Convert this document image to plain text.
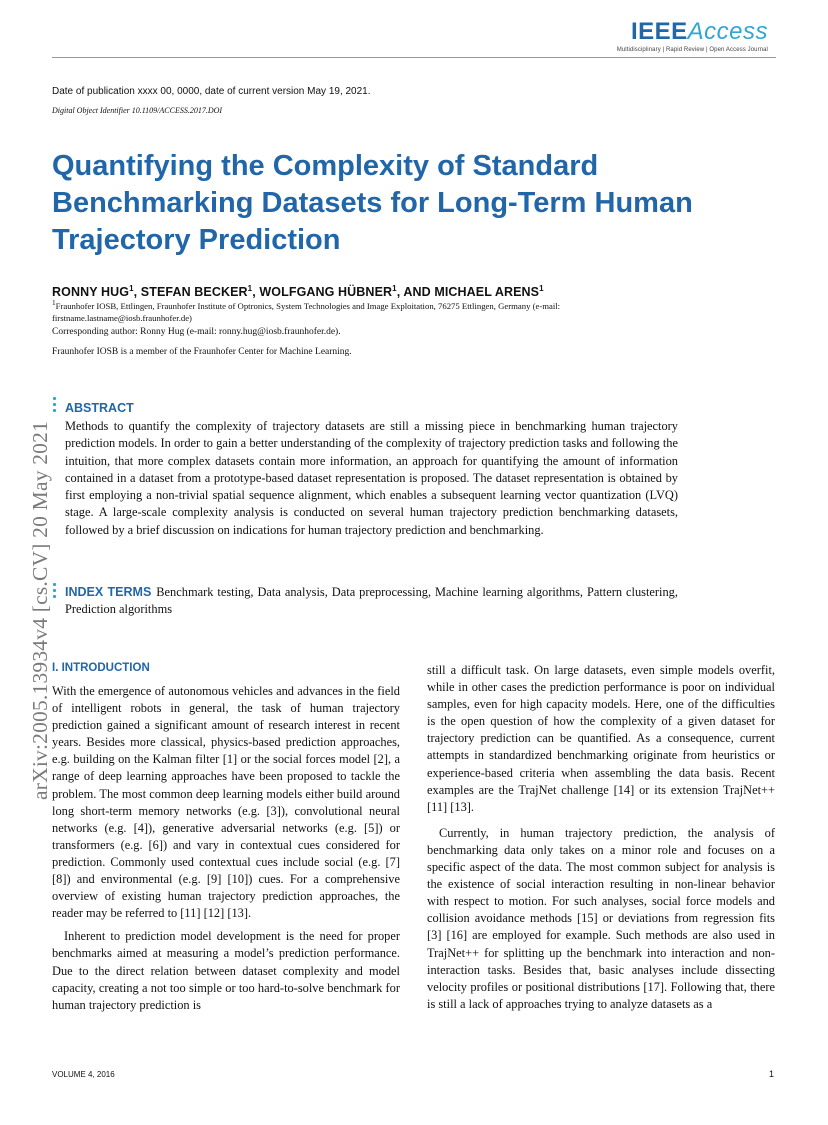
IEEEAccess
Multidisciplinary | Rapid Review | Open Access Journal
Date of publication xxxx 00, 0000, date of current version May 19, 2021.
Digital Object Identifier 10.1109/ACCESS.2017.DOI
Quantifying the Complexity of Standard Benchmarking Datasets for Long-Term Human Trajectory Prediction
RONNY HUG$^1$, STEFAN BECKER$^1$, WOLFGANG HÜBNER$^1$, AND MICHAEL ARENS$^1$
$^1$Fraunhofer IOSB, Ettlingen, Fraunhofer Institute of Optronics, System Technologies and Image Exploitation, 76275 Ettlingen, Germany (e-mail: firstname.lastname@iosb.fraunhofer.de)
Corresponding author: Ronny Hug (e-mail: ronny.hug@iosb.fraunhofer.de).
Fraunhofer IOSB is a member of the Fraunhofer Center for Machine Learning.
arXiv:2005.13934v4 [cs.CV] 20 May 2021
ABSTRACT

Methods to quantify the complexity of trajectory datasets are still a missing piece in benchmarking human trajectory prediction models. In order to gain a better understanding of the complexity of trajectory prediction tasks and following the intuition, that more complex datasets contain more information, an approach for quantifying the amount of information contained in a dataset from a prototype-based dataset representation is proposed. The dataset representation is obtained by first employing a non-trivial spatial sequence alignment, which enables a subsequent learning vector quantization (LVQ) stage. A large-scale complexity analysis is conducted on several human trajectory prediction benchmarking datasets, followed by a brief discussion on indications for human trajectory prediction and benchmarking.

INDEX TERMS Benchmark testing, Data analysis, Data preprocessing, Machine learning algorithms, Pattern clustering, Prediction algorithms

I. INTRODUCTION

With the emergence of autonomous vehicles and advances in the field of intelligent robots in general, the task of human trajectory prediction gained a significant amount of research interest in recent years. Besides more classical, physics-based prediction approaches, e.g. building on the Kalman filter [1] or the social forces model [2], a range of deep learning approaches have been proposed to tackle the problem. The most common deep learning models either build around long short-term memory networks (e.g. [3]), convolutional neural networks (e.g. [4]), generative adversarial networks (e.g. [5]) or transformers (e.g. [6]) and vary in contextual cues considered for prediction. Commonly used contextual cues include social (e.g. [7] [8]) and environmental (e.g. [9] [10]) cues. For a comprehensive overview of existing human trajectory prediction approaches, the reader may be referred to [11] [12] [13].

Inherent to prediction model development is the need for proper benchmarks aimed at measuring a model’s prediction performance. Due to the direct relation between dataset complexity and model capacity, creating a not too simple or too hard-to-solve benchmark for human trajectory prediction is

still a difficult task. On large datasets, even simple models overfit, while in other cases the prediction performance is poor on individual samples, even for high capacity models. Here, one of the difficulties is the open question of how the complexity of a given dataset for trajectory prediction can be quantified. As a consequence, current attempts in standardized benchmarking originate from heuristics or experience-based criteria when assembling the data basis. Recent examples are the TrajNet challenge [14] or its extension TrajNet++ [11] [13].

Currently, in human trajectory prediction, the analysis of benchmarking data only takes on a minor role and focuses on a specific aspect of the data. The most common subject for analysis is the existence of social interaction resulting in non-linear behavior with respect to motion. For such analyses, social force models and collision avoidance methods [15] or deviations from regression fits [3] [16] are employed for example. Such methods are also used in TrajNet++ for splitting up the benchmark into interaction and non-interaction tasks. Besides that, basic analyses include dissecting velocity profiles or positional distributions [17]. Following that, there is still a lack of approaches trying to analyze datasets as a

VOLUME 4, 2016	1
